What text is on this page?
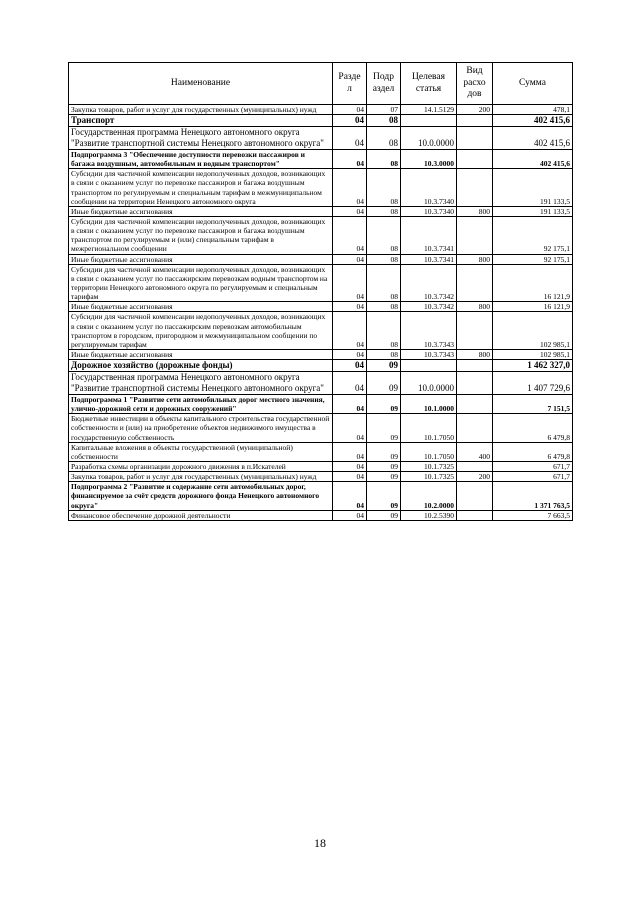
Наименование	Разде л	Подр аздел	Целевая статья	Вид расхо дов	Сумма
Закупка товаров, работ и услуг для государственных (муниципальных) нужд	04	07	14.1.5129	200	478,1
Транспорт	04	08			402 415,6
Государственная программа Ненецкого автономного округа "Развитие транспортной системы Ненецкого автономного округа"	04	08	10.0.0000		402 415,6
Подпрограмма 3 "Обеспечение доступности перевозки пассажиров и багажа воздушным, автомобильным и водным транспортом"	04	08	10.3.0000		402 415,6
Субсидии для частичной компенсации недополученных доходов, возникающих в связи с оказанием услуг по перевозке пассажиров и багажа воздушным транспортом по регулируемым и специальным тарифам в межмуниципальном сообщении на территории Ненецкого автономного округа	04	08	10.3.7340		191 133,5
Иные бюджетные ассигнования	04	08	10.3.7340	800	191 133,5
Субсидии для частичной компенсации недополученных доходов, возникающих в связи с оказанием услуг по перевозке пассажиров и багажа воздушным транспортом по регулируемым и (или) специальным тарифам в межрегиональном сообщении	04	08	10.3.7341		92 175,1
Иные бюджетные ассигнования	04	08	10.3.7341	800	92 175,1
Субсидии для частичной компенсации недополученных доходов, возникающих в связи с оказанием услуг по пассажирским перевозкам водным транспортом на территории Ненецкого автономного округа по регулируемым и специальным тарифам	04	08	10.3.7342		16 121,9
Иные бюджетные ассигнования	04	08	10.3.7342	800	16 121,9
Субсидии для частичной компенсации недополученных доходов, возникающих в связи с оказанием услуг по пассажирским перевозкам автомобильным транспортом в городском, пригородном и межмуниципальном сообщении по регулируемым тарифам	04	08	10.3.7343		102 985,1
Иные бюджетные ассигнования	04	08	10.3.7343	800	102 985,1
Дорожное хозяйство (дорожные фонды)	04	09			1 462 327,0
Государственная программа Ненецкого автономного округа "Развитие транспортной системы Ненецкого автономного округа"	04	09	10.0.0000		1 407 729,6
Подпрограмма 1 "Развитие сети автомобильных дорог местного значения, улично-дорожной сети и дорожных сооружений"	04	09	10.1.0000		7 151,5
Бюджетные инвестиции в объекты капитального строительства государственной собственности и (или) на приобретение объектов недвижимого имущества в государственную собственность	04	09	10.1.7050		6 479,8
Капитальные вложения в объекты государственной (муниципальной) собственности	04	09	10.1.7050	400	6 479,8
Разработка схемы организации дорожного движения в п.Искателей	04	09	10.1.7325		671,7
Закупка товаров, работ и услуг для государственных (муниципальных) нужд	04	09	10.1.7325	200	671,7
Подпрограмма 2 "Развитие и содержание сети автомобильных дорог, финансируемое за счёт средств дорожного фонда Ненецкого автономного округа"	04	09	10.2.0000		1 371 763,5
Финансовое обеспечение дорожной деятельности	04	09	10.2.5390		7 663,5
18
